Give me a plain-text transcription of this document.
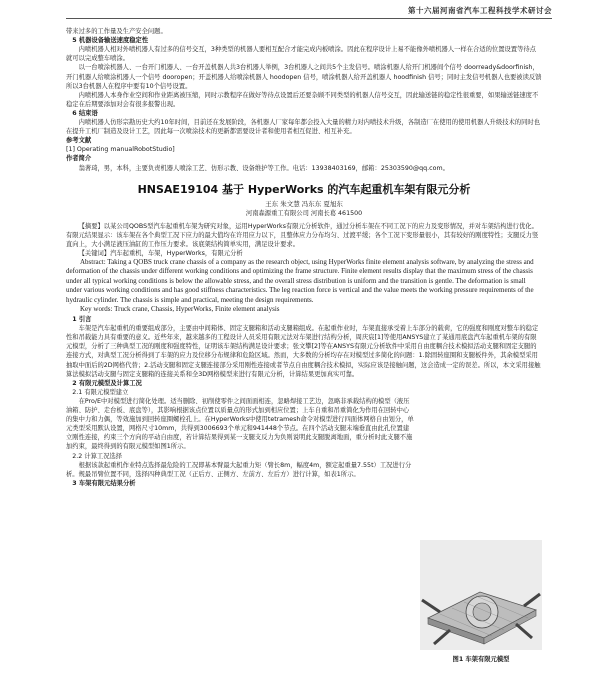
第十六届河南省汽车工程科技学术研讨会

带来过多的工作量及生产安全问题。

5 机器设备输送速度稳定性

内喷机器人相对外喷机器人有过多的信号交互，3种类型的机器人要相互配合才能完成内板喷涂。因此在程序设计上易不能像外喷机器人一样在合适的位置设置等待点就可以完成整车喷涂。

以一台喷涂机器人、一台开门机器人、一台开盖机器人共3台机器人举例，3台机器人之间共5个主发信号。喷涂机器人给开门机器间个信号 doorready&doorfinish，开门机器人给喷涂机器人一个信号 dooropen；开盖机器人给喷涂机器人 hoodopen 信号，喷涂机器人给开盖机器人 hoodfinish 信号；同时主发信号机器人也要被读反馈所以3台机器人在程序中要有10个信号设置。

内喷机器人本身作业空间和作业距离被压缩，同时示教程序在做好等待点设置后还要杂顾不同类型的机器人信号交互，因此输送链的稳定性很重要，如果输送链速度不稳定在后期要添加对会有很多报警出现。

6 结束语

内喷机器人仿形宗勘历史大约10年时间，目前还在发展阶段，各机器人厂家每年都会投入大量的精力对内喷技术升级，各制造厂在使用的使用机器人升级技术的同时也在提升工机厂制造及设计工艺，因此每一次喷涂技术的更新都需要设计者和使用者相互促进、相互补充。

参考文献

[1] Operating manualRobotStudio]

作者简介

翁著琦，男，本科，主要负责机器人喷涂工艺、仿形示教、设备维护等工作。电话：13938403169，邮箱：25303590@qq.com。

HNSAE19104 基于 HyperWorks 的汽车起重机车架有限元分析
王东 朱文慧 冯东东 夏旭东
河南森源重工有限公司 河南长葛 461500

【摘要】以某公司QOBS型汽车起重机车架为研究对象，运用HyperWorks有限元分析软件，通过分析车架在不同工况下的应力及变形情况，并对车架结构进行优化。有限元结果显示：该车架在各个典型工况下应力的最大值均在许用应力以下，且整体应力分布均匀、过渡平缓；各个工况下变形量很小，其有较好的刚度特性；支腿反力竖直向上，大小满足液压油缸的工作压力要求。该底架结构简单实用，满足设计要求。

【关键词】汽车起重机，车架，HyperWorks，有限元分析

Abstract: Taking a QOBS truck crane chassis of a company as the research object, using HyperWorks finite element analysis software, by analyzing the stress and deformation of the chassis under different working conditions and optimizing the frame structure. Finite element results display that the maximum stress of the chassis under all typical working conditions is below the allowable stress, and the overall stress distribution is uniform and the transition is gentle. The deformation is small under various working conditions and has good stiffness characteristics. The leg reaction force is vertical and the value meets the working pressure requirements of the hydraulic cylinder. The chassis is simple and practical, meeting the design requirements.

Key words: Truck crane, Chassis, HyperWorks, Finite element analysis

1 引言

车架是汽车起重机的重要组成部分，主要由中间箱体、固定支腿箱和活动支腿箱组成。在起重作业时，车架直接承受着上车部分的载荷，它的强度和刚度对整车的稳定性和吊载能力具有重要的意义。近些年来，越来越多的工程设计人员采用有限元法对车架进行结构分析，周庆宸[1]等使用ANSYS建立了某通用底盘汽车起重机车架的有限元模型，分析了三种典型工况的刚度和强度特性，证明该车架结构满足设计要求；张文攀[2]等在ANSYS有限元分析软件中采用自由度耦合技术模拟活动支腿和固定支腿的连接方式，对典型工况分析得到了车架的应力及位移分布规律和危险区域。然而，大多数的分析均存在对模型过多简化的问题：1.除固转座圈和支腿板件外，其余模型采用抽取中面后的2D网格代替；2.活动支腿和固定支腿连接部分采用刚性连接或者节点自由度耦合技术模拟，实际应该是接触问题，这会造成一定的误差。所以，本文采用接触算法模拟活动支腿与固定支腿箱的连接关系和全3D网格模型来进行有限元分析，计算结果更加真实可靠。

2 有限元模型及计算工况

2.1 有限元模型建立

在Pro/E中对模型进行简化处理。适当删除、初削使零件之间面面相连，忽略焊接工艺边，忽略非承载结构的模型（液压油箱、防护、走台板、底盘等），其影响根据该点位置以质量点的形式加到相应位置；上车自重和吊重简化为作用在回转中心的集中力和力偶，等效施加到回转座圈螺栓孔上。在HyperWorks中使用tetramesh命令对模型进行四面体网格自由划分，单元类型采用默认设置，网格尺寸10mm，共得到3006693个单元和941448个节点。在四个活动支腿末端垂直由此孔位置建立刚性连接，约束三个方向的平动自由度，若计算结果得到某一支腿支反力为负则说明此支腿脱离地面，重分析时此支腿不施加约束，最终得到的有限元模型如图1所示。

2.2 计算工况选择

根据该款起重机作业特点选择最危险的工况即基本臂最大起重力矩（臂长8m，幅度4m，额定起重量7.55t）工况进行分析。规最吊臂位置不同，选择四种典型工况（正后方、正侧方、左前方、左后方）进行计算，如表1所示。

3 车架有限元结果分析

图1 车架有限元模型
